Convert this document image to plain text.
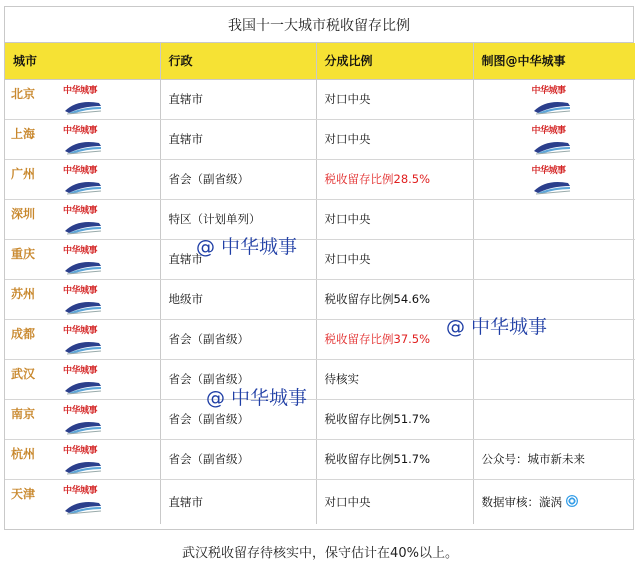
我国十一大城市税收留存比例
城市	行政	分成比例	制图@中华城事

北京 中华城事	直辖市	对口中央	中华城事

上海 中华城事	直辖市	对口中央	中华城事

广州 中华城事	省会（副省级）	税收留存比例28.5%	中华城事

深圳 中华城事	特区（计划单列）	对口中央	

重庆 中华城事	直辖市	对口中央	

苏州 中华城事	地级市	税收留存比例54.6%	

成都 中华城事	省会（副省级）	税收留存比例37.5%	

武汉 中华城事	省会（副省级）	待核实	

南京 中华城事	省会（副省级）	税收留存比例51.7%	

杭州 中华城事	省会（副省级）	税收留存比例51.7%	公众号：城市新未来

天津 中华城事	直辖市	对口中央	数据审核：漩涡
@ 中华城事
@ 中华城事
@ 中华城事
武汉税收留存待核实中，保守估计在40%以上。
